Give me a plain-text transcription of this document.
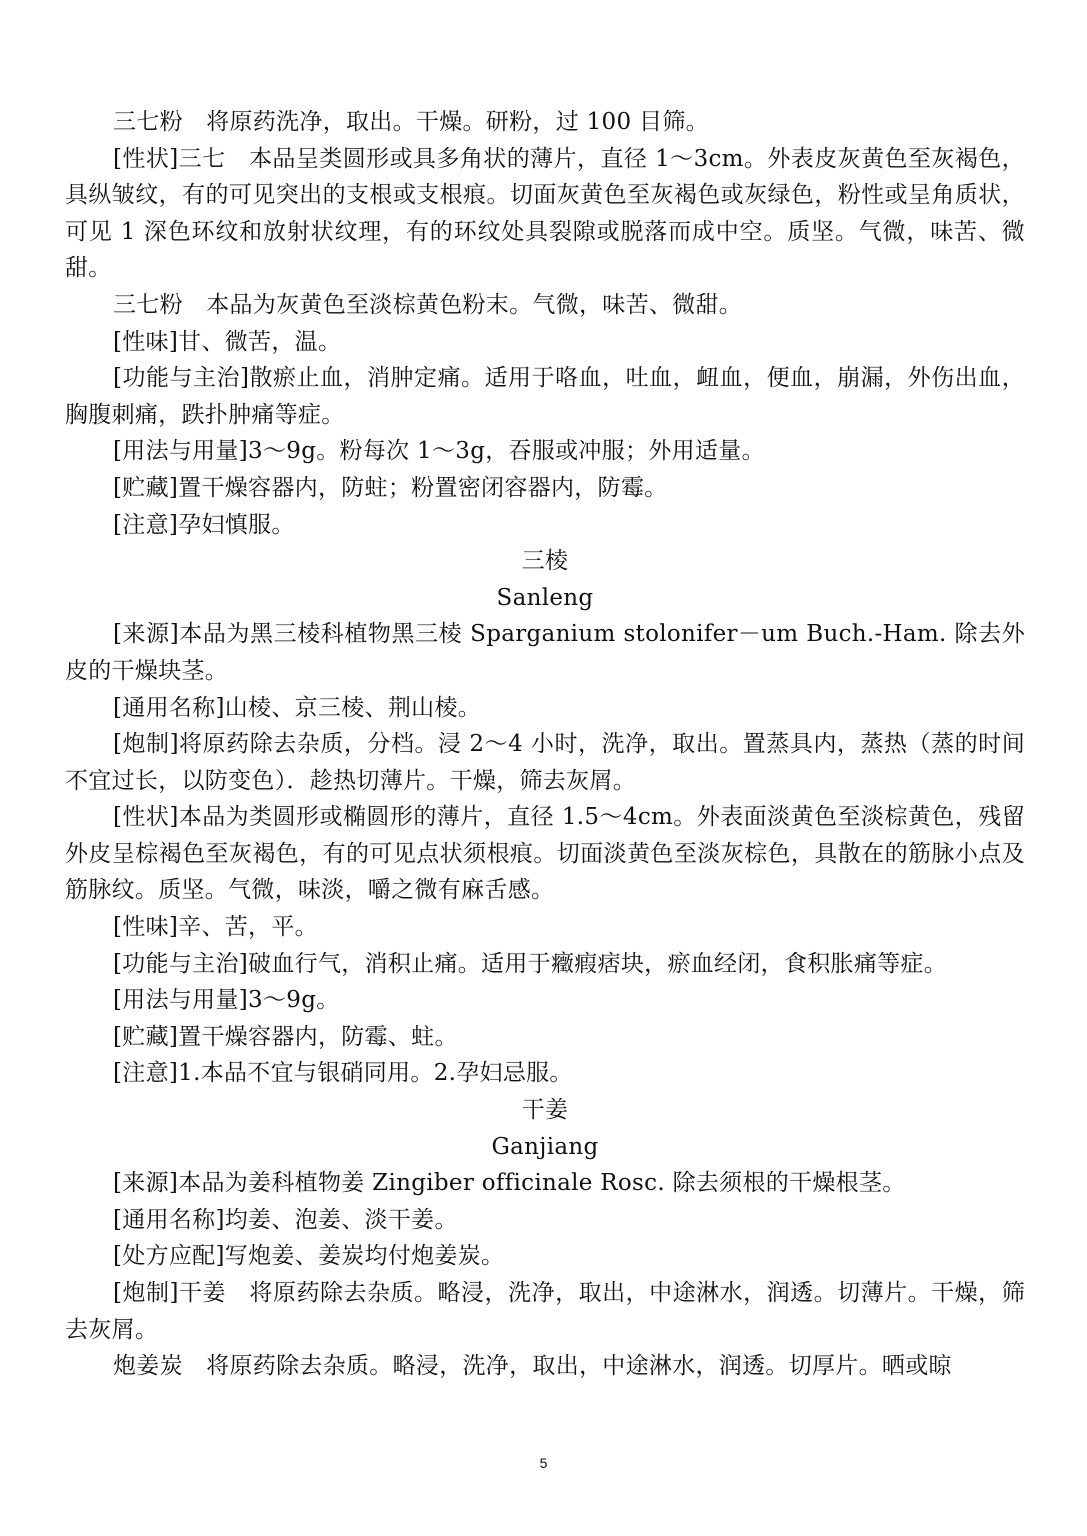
三七粉　将原药洗净，取出。干燥。研粉，过 100 目筛。

[性状]三七　本品呈类圆形或具多角状的薄片，直径 1～3cm。外表皮灰黄色至灰褐色，具纵皱纹，有的可见突出的支根或支根痕。切面灰黄色至灰褐色或灰绿色，粉性或呈角质状，可见 1 深色环纹和放射状纹理，有的环纹处具裂隙或脱落而成中空。质坚。气微，味苦、微甜。

三七粉　本品为灰黄色至淡棕黄色粉末。气微，味苦、微甜。

[性味]甘、微苦，温。

[功能与主治]散瘀止血，消肿定痛。适用于咯血，吐血，衄血，便血，崩漏，外伤出血，胸腹刺痛，跌扑肿痛等症。

[用法与用量]3～9g。粉每次 1～3g，吞服或冲服；外用适量。

[贮藏]置干燥容器内，防蛀；粉置密闭容器内，防霉。

[注意]孕妇慎服。

三棱

Sanleng

[来源]本品为黑三棱科植物黑三棱 Sparganium stolonifer－um Buch.-Ham. 除去外皮的干燥块茎。

[通用名称]山棱、京三棱、荆山棱。

[炮制]将原药除去杂质，分档。浸 2～4 小时，洗净，取出。置蒸具内，蒸热（蒸的时间不宜过长，以防变色）．趁热切薄片。干燥，筛去灰屑。

[性状]本品为类圆形或椭圆形的薄片，直径 1.5～4cm。外表面淡黄色至淡棕黄色，残留外皮呈棕褐色至灰褐色，有的可见点状须根痕。切面淡黄色至淡灰棕色，具散在的筋脉小点及筋脉纹。质坚。气微，味淡，嚼之微有麻舌感。

[性味]辛、苦，平。

[功能与主治]破血行气，消积止痛。适用于癥瘕痞块，瘀血经闭，食积胀痛等症。

[用法与用量]3～9g。

[贮藏]置干燥容器内，防霉、蛀。

[注意]1.本品不宜与银硝同用。2.孕妇忌服。

干姜

Ganjiang

[来源]本品为姜科植物姜 Zingiber officinale Rosc. 除去须根的干燥根茎。

[通用名称]均姜、泡姜、淡干姜。

[处方应配]写炮姜、姜炭均付炮姜炭。

[炮制]干姜　将原药除去杂质。略浸，洗净，取出，中途淋水，润透。切薄片。干燥，筛去灰屑。

炮姜炭　将原药除去杂质。略浸，洗净，取出，中途淋水，润透。切厚片。晒或晾

5
